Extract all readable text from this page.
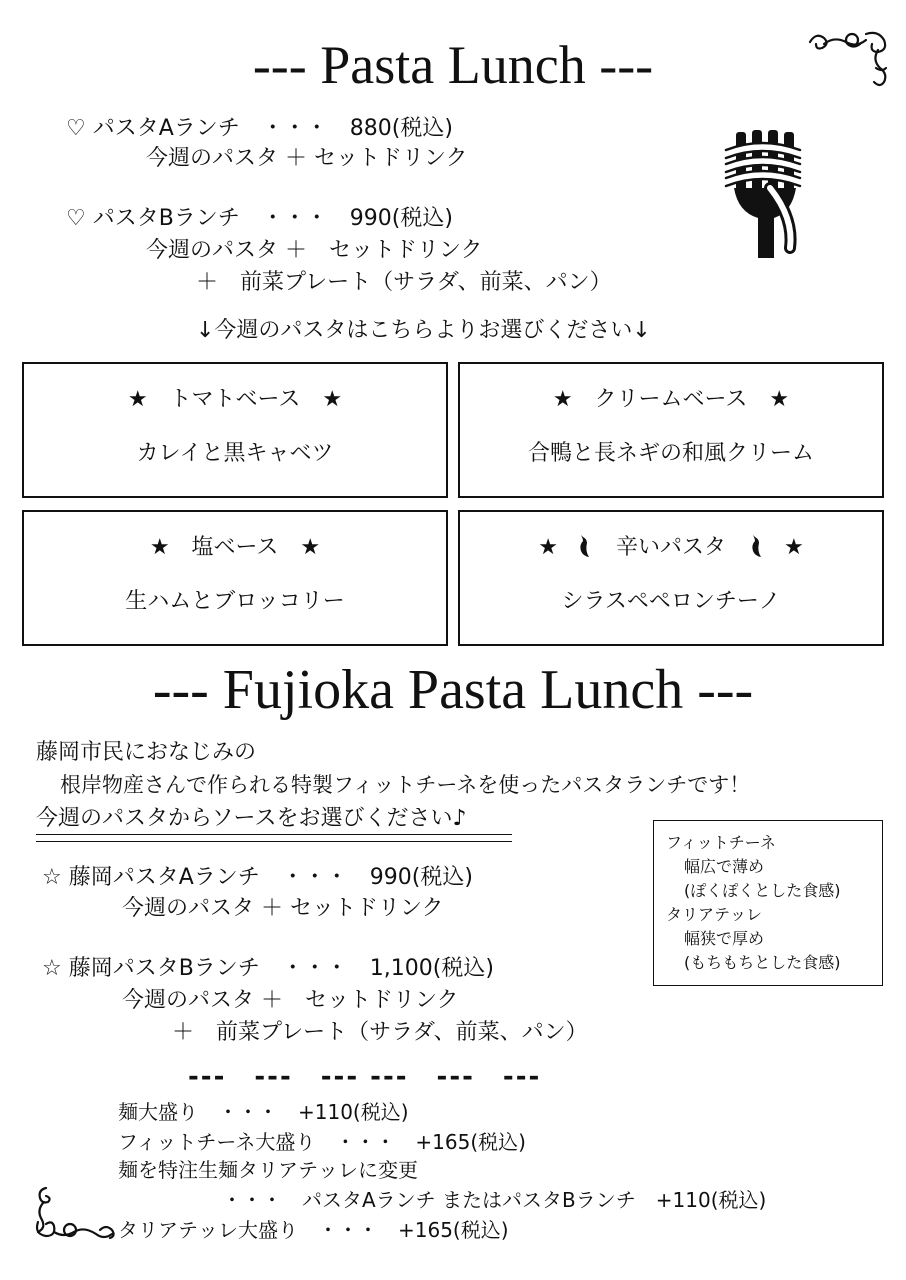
--- Pasta Lunch ---
♡ パスタAランチ　・・・　880(税込)
今週のパスタ ＋ セットドリンク
♡ パスタBランチ　・・・　990(税込)
今週のパスタ ＋　セットドリンク
＋　前菜プレート（サラダ、前菜、パン）
↓今週のパスタはこちらよりお選びください↓
★　トマトベース　★
カレイと黒キャベツ
★　クリームベース　★
合鴨と長ネギの和風クリーム
★　塩ベース　★
生ハムとブロッコリー
★	辛いパスタ	★
シラスペペロンチーノ
--- Fujioka Pasta Lunch ---
藤岡市民におなじみの
根岸物産さんで作られる特製フィットチーネを使ったパスタランチです！
今週のパスタからソースをお選びください♪
フィットチーネ
幅広で薄め
(ぽくぽくとした食感)
タリアテッレ
幅狭で厚め
(もちもちとした食感)
☆ 藤岡パスタAランチ　・・・　990(税込)
今週のパスタ ＋ セットドリンク
☆ 藤岡パスタBランチ　・・・　1,100(税込)
今週のパスタ ＋　セットドリンク
＋　前菜プレート（サラダ、前菜、パン）
---　---　--- ---　---　---
麺大盛り　・・・　+110(税込)
フィットチーネ大盛り　・・・　+165(税込)
麺を特注生麺タリアテッレに変更
・・・　パスタAランチ またはパスタBランチ　+110(税込)
タリアテッレ大盛り　・・・　+165(税込)
